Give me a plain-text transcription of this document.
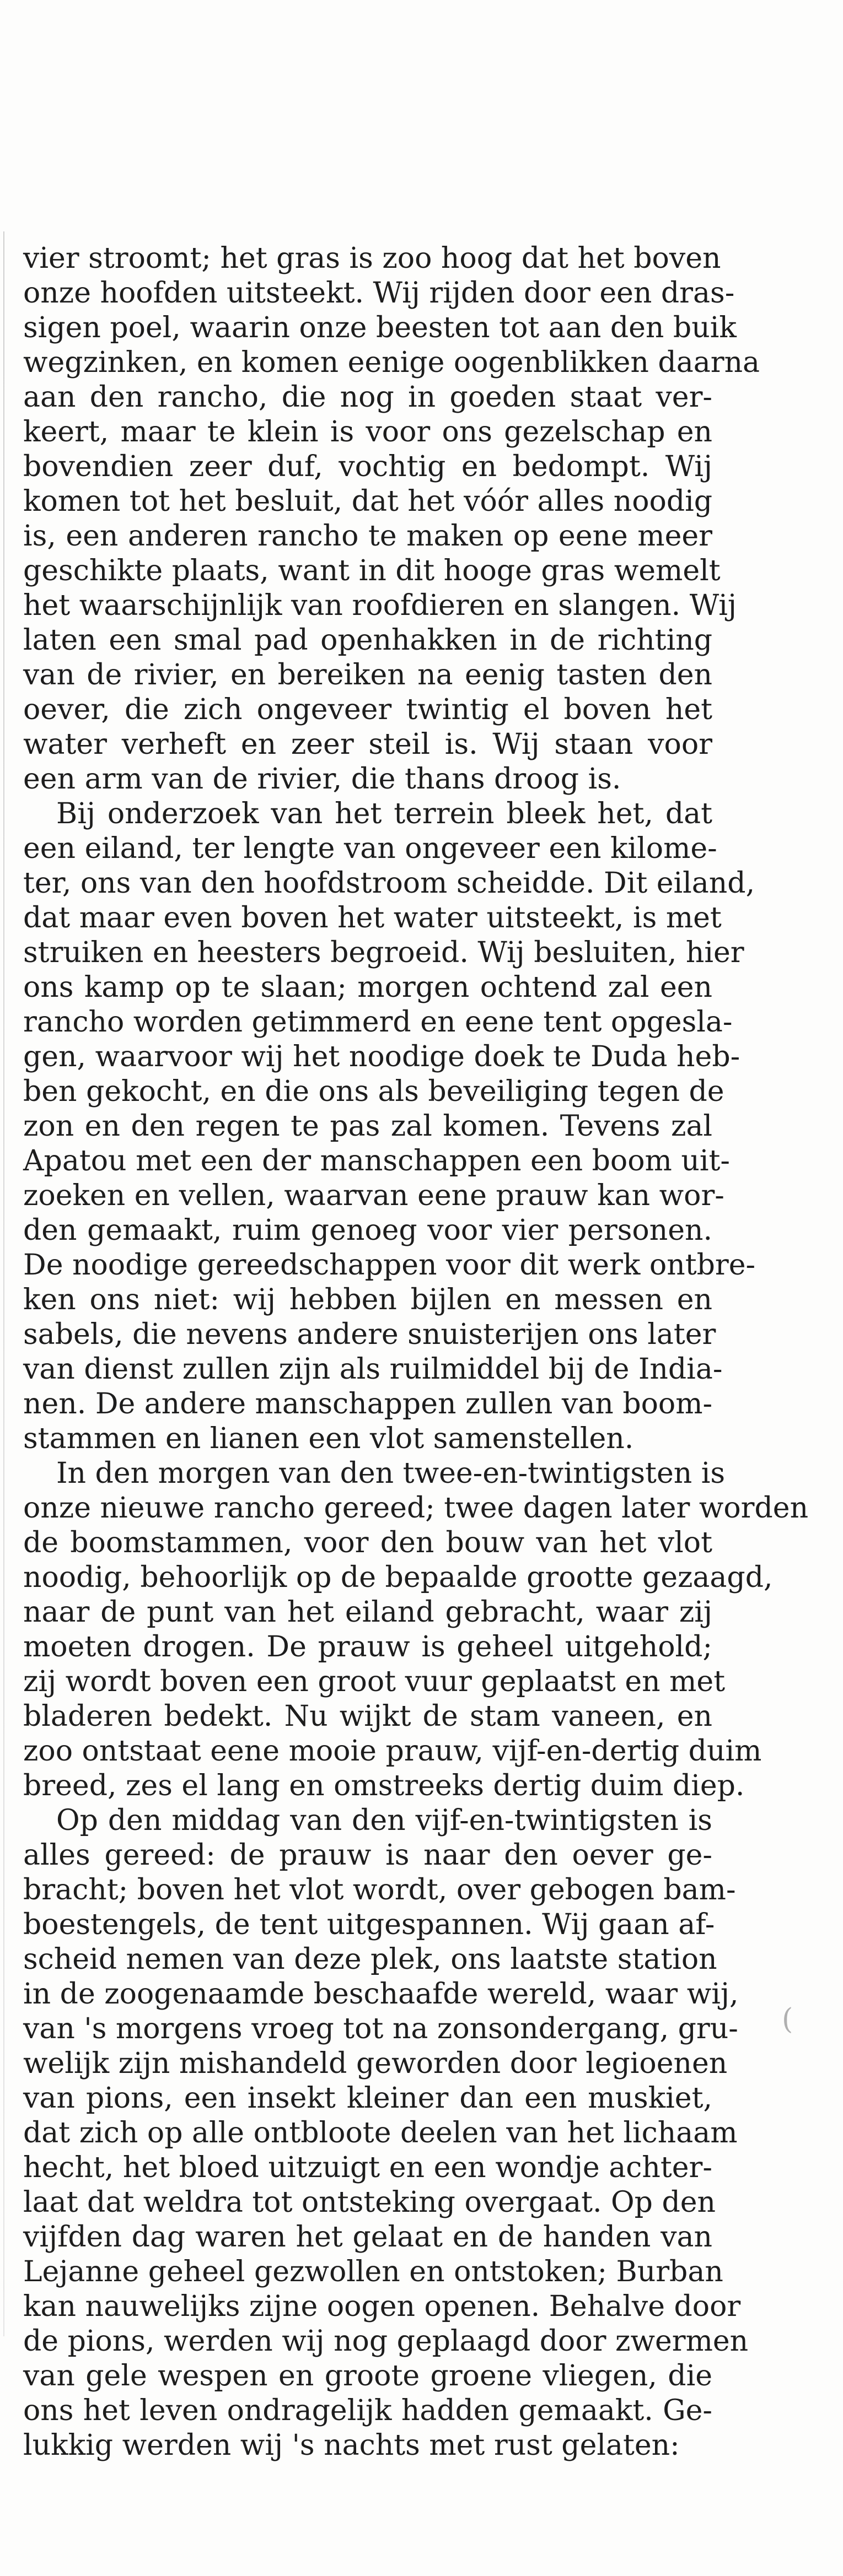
(
vier stroomt; het gras is zoo hoog dat het boven
onze hoofden uitsteekt. Wij rijden door een dras-
sigen poel, waarin onze beesten tot aan den buik
wegzinken, en komen eenige oogenblikken daarna
aan den rancho, die nog in goeden staat ver-
keert, maar te klein is voor ons gezelschap en
bovendien zeer duf, vochtig en bedompt. Wij
komen tot het besluit, dat het vóór alles noodig
is, een anderen rancho te maken op eene meer
geschikte plaats, want in dit hooge gras wemelt
het waarschijnlijk van roofdieren en slangen. Wij
laten een smal pad openhakken in de richting
van de rivier, en bereiken na eenig tasten den
oever, die zich ongeveer twintig el boven het
water verheft en zeer steil is. Wij staan voor
een arm van de rivier, die thans droog is.
Bij onderzoek van het terrein bleek het, dat
een eiland, ter lengte van ongeveer een kilome-
ter, ons van den hoofdstroom scheidde. Dit eiland,
dat maar even boven het water uitsteekt, is met
struiken en heesters begroeid. Wij besluiten, hier
ons kamp op te slaan; morgen ochtend zal een
rancho worden getimmerd en eene tent opgesla-
gen, waarvoor wij het noodige doek te Duda heb-
ben gekocht, en die ons als beveiliging tegen de
zon en den regen te pas zal komen. Tevens zal
Apatou met een der manschappen een boom uit-
zoeken en vellen, waarvan eene prauw kan wor-
den gemaakt, ruim genoeg voor vier personen.
De noodige gereedschappen voor dit werk ontbre-
ken ons niet: wij hebben bijlen en messen en
sabels, die nevens andere snuisterijen ons later
van dienst zullen zijn als ruilmiddel bij de India-
nen. De andere manschappen zullen van boom-
stammen en lianen een vlot samenstellen.
In den morgen van den twee-en-twintigsten is
onze nieuwe rancho gereed; twee dagen later worden
de boomstammen, voor den bouw van het vlot
noodig, behoorlijk op de bepaalde grootte gezaagd,
naar de punt van het eiland gebracht, waar zij
moeten drogen. De prauw is geheel uitgehold;
zij wordt boven een groot vuur geplaatst en met
bladeren bedekt. Nu wijkt de stam vaneen, en
zoo ontstaat eene mooie prauw, vijf-en-dertig duim
breed, zes el lang en omstreeks dertig duim diep.
Op den middag van den vijf-en-twintigsten is
alles gereed: de prauw is naar den oever ge-
bracht; boven het vlot wordt, over gebogen bam-
boestengels, de tent uitgespannen. Wij gaan af-
scheid nemen van deze plek, ons laatste station
in de zoogenaamde beschaafde wereld, waar wij,
van 's morgens vroeg tot na zonsondergang, gru-
welijk zijn mishandeld geworden door legioenen
van pions, een insekt kleiner dan een muskiet,
dat zich op alle ontbloote deelen van het lichaam
hecht, het bloed uitzuigt en een wondje achter-
laat dat weldra tot ontsteking overgaat. Op den
vijfden dag waren het gelaat en de handen van
Lejanne geheel gezwollen en ontstoken; Burban
kan nauwelijks zijne oogen openen. Behalve door
de pions, werden wij nog geplaagd door zwermen
van gele wespen en groote groene vliegen, die
ons het leven ondragelijk hadden gemaakt. Ge-
lukkig werden wij 's nachts met rust gelaten:
